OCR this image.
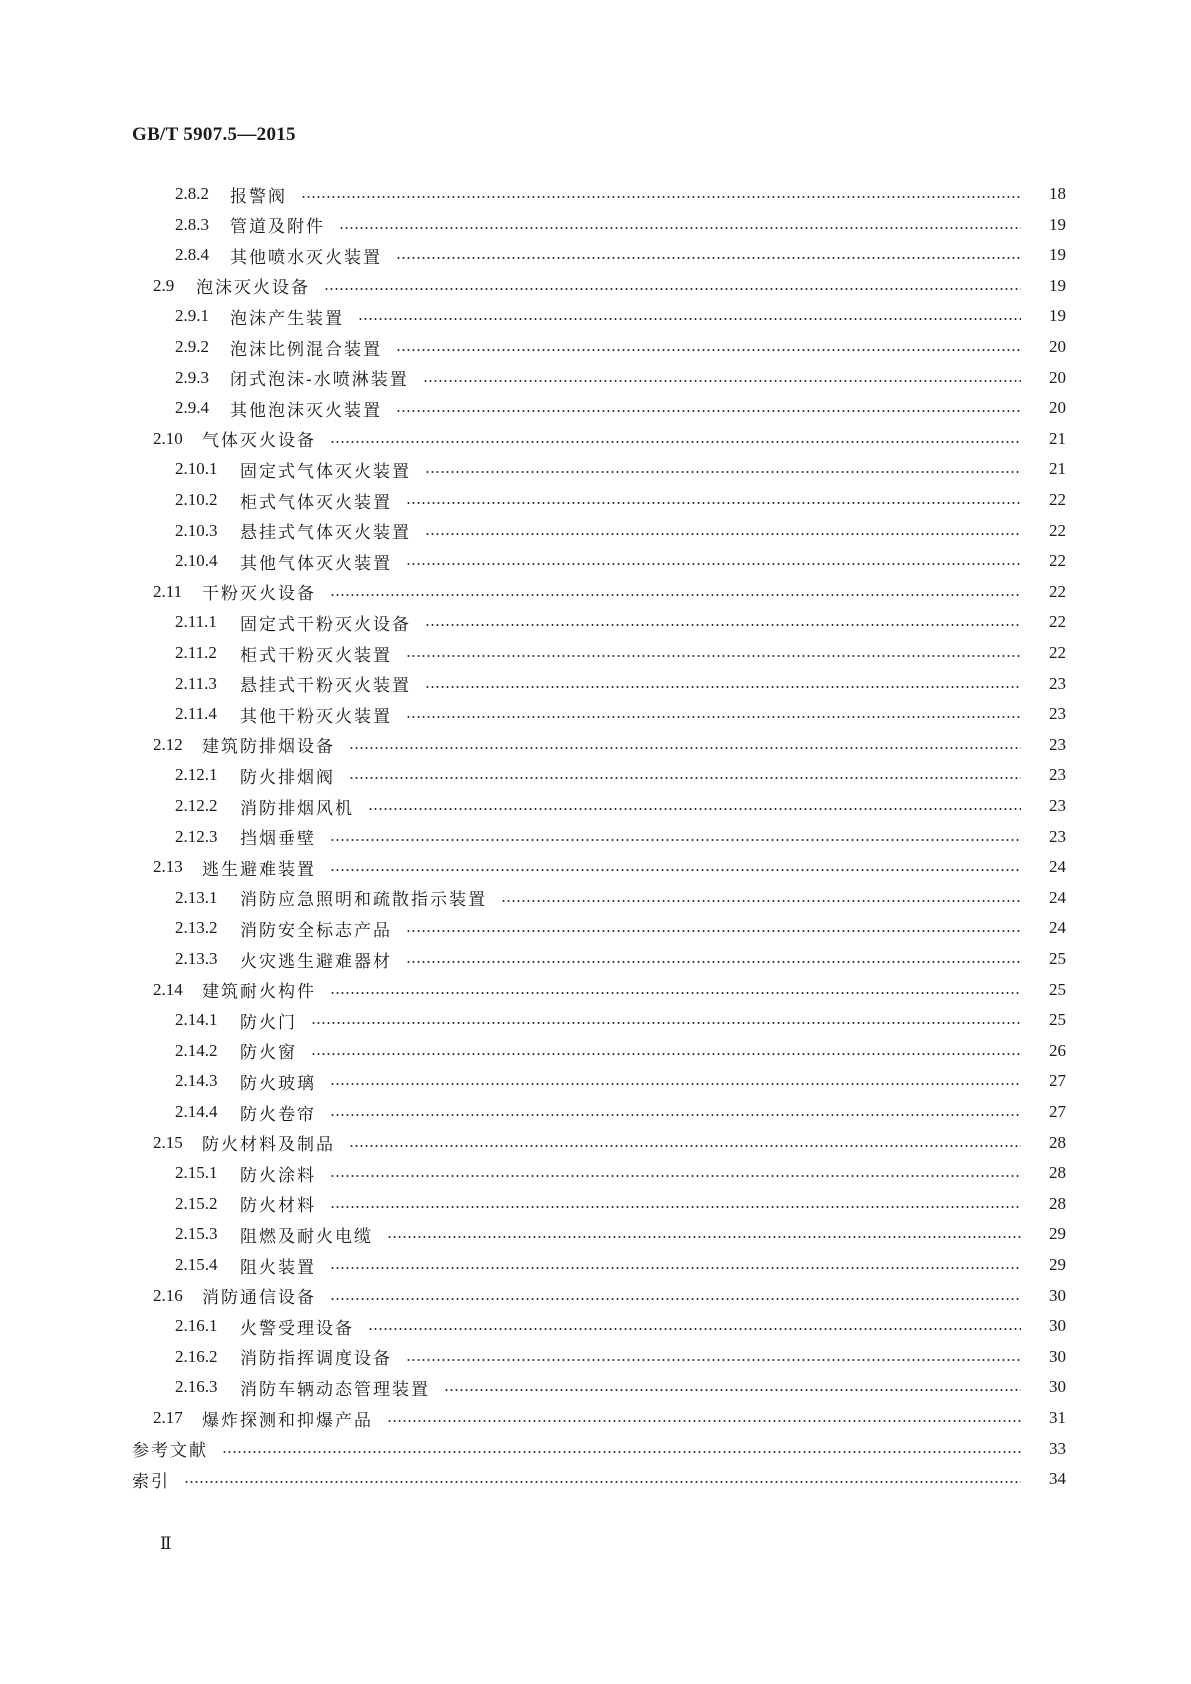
GB/T 5907.5—2015
2.8.2 报警阀	18
2.8.3 管道及附件	19
2.8.4 其他喷水灭火装置	19
2.9 泡沫灭火设备	19
2.9.1 泡沫产生装置	19
2.9.2 泡沫比例混合装置	20
2.9.3 闭式泡沫-水喷淋装置	20
2.9.4 其他泡沫灭火装置	20
2.10 气体灭火设备	21
2.10.1 固定式气体灭火装置	21
2.10.2 柜式气体灭火装置	22
2.10.3 悬挂式气体灭火装置	22
2.10.4 其他气体灭火装置	22
2.11 干粉灭火设备	22
2.11.1 固定式干粉灭火设备	22
2.11.2 柜式干粉灭火装置	22
2.11.3 悬挂式干粉灭火装置	23
2.11.4 其他干粉灭火装置	23
2.12 建筑防排烟设备	23
2.12.1 防火排烟阀	23
2.12.2 消防排烟风机	23
2.12.3 挡烟垂壁	23
2.13 逃生避难装置	24
2.13.1 消防应急照明和疏散指示装置	24
2.13.2 消防安全标志产品	24
2.13.3 火灾逃生避难器材	25
2.14 建筑耐火构件	25
2.14.1 防火门	25
2.14.2 防火窗	26
2.14.3 防火玻璃	27
2.14.4 防火卷帘	27
2.15 防火材料及制品	28
2.15.1 防火涂料	28
2.15.2 防火材料	28
2.15.3 阻燃及耐火电缆	29
2.15.4 阻火装置	29
2.16 消防通信设备	30
2.16.1 火警受理设备	30
2.16.2 消防指挥调度设备	30
2.16.3 消防车辆动态管理装置	30
2.17 爆炸探测和抑爆产品	31
参考文献	33
索引	34
Ⅱ
